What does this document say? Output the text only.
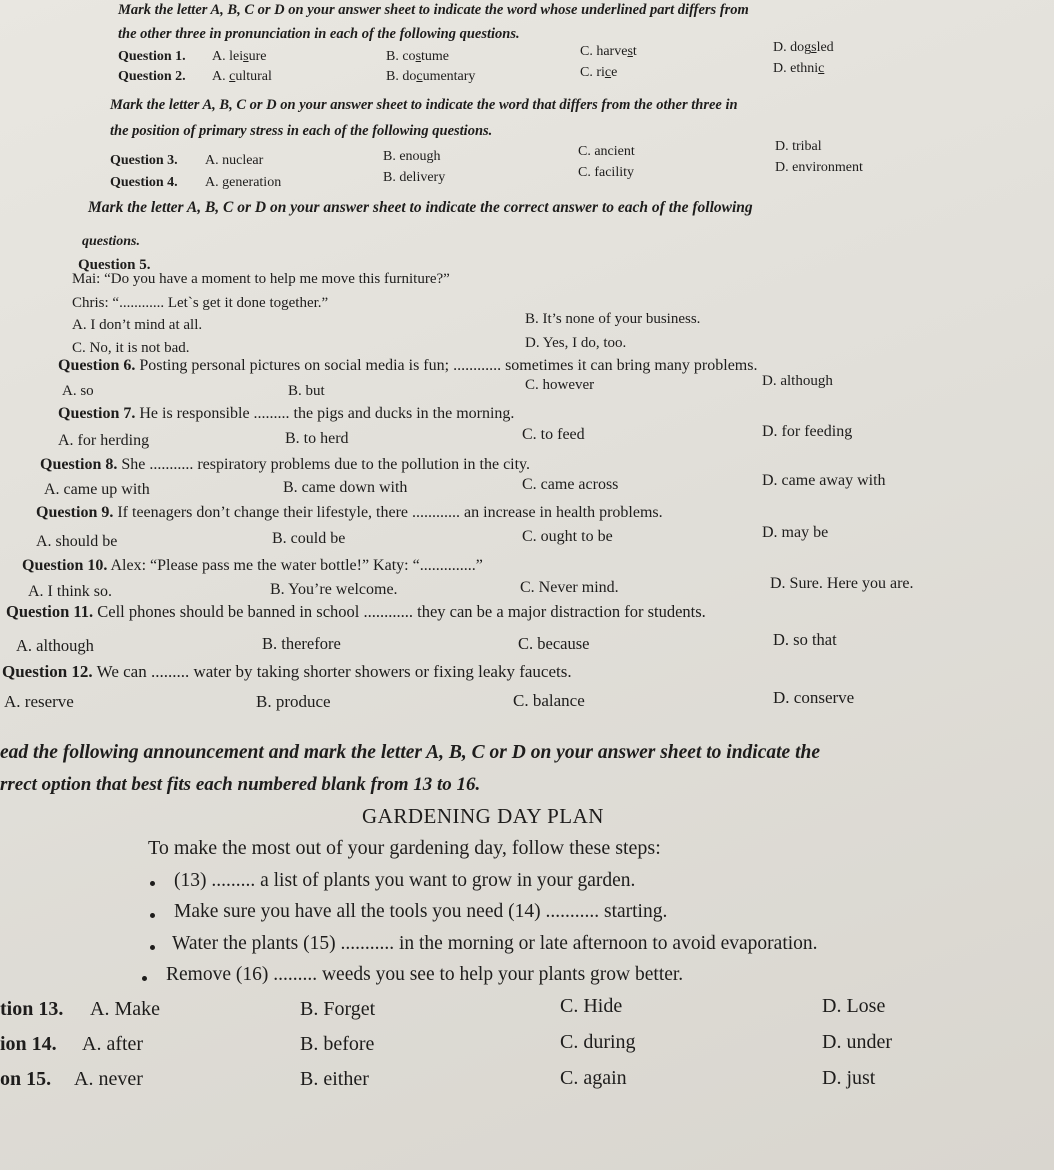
Mark the letter A, B, C or D on your answer sheet to indicate the word whose underlined part differs from
the other three in pronunciation in each of the following questions.
Question 1. A. leisure	B. costume	C. harvest	D. dogsled
Question 2. A. cultural	B. documentary	C. rice	D. ethnic
Mark the letter A, B, C or D on your answer sheet to indicate the word that differs from the other three in
the position of primary stress in each of the following questions.
Question 3. A. nuclear	B. enough	C. ancient	D. tribal
Question 4. A. generation	B. delivery	C. facility	D. environment
Mark the letter A, B, C or D on your answer sheet to indicate the correct answer to each of the following
questions.
Question 5.
Mai: “Do you have a moment to help me move this furniture?”
Chris: “............ Let`s get it done together.”
A. I don’t mind at all.	B. It’s none of your business.
C. No, it is not bad.	D. Yes, I do, too.
Question 6. Posting personal pictures on social media is fun; ............ sometimes it can bring many problems.
A. so	B. but	C. however	D. although
Question 7. He is responsible ......... the pigs and ducks in the morning.
A. for herding	B. to herd	C. to feed	D. for feeding
Question 8. She ........... respiratory problems due to the pollution in the city.
A. came up with	B. came down with	C. came across	D. came away with
Question 9. If teenagers don’t change their lifestyle, there ............ an increase in health problems.
A. should be	B. could be	C. ought to be	D. may be
Question 10. Alex: “Please pass me the water bottle!” Katy: “..............”
A. I think so.	B. You’re welcome.	C. Never mind.	D. Sure. Here you are.
Question 11. Cell phones should be banned in school ............ they can be a major distraction for students.
A. although	B. therefore	C. because	D. so that
Question 12. We can ......... water by taking shorter showers or fixing leaky faucets.
A. reserve	B. produce	C. balance	D. conserve
ead the following announcement and mark the letter A, B, C or D on your answer sheet to indicate the
rrect option that best fits each numbered blank from 13 to 16.
GARDENING DAY PLAN
To make the most out of your gardening day, follow these steps:
(13) ......... a list of plants you want to grow in your garden.
Make sure you have all the tools you need (14) ........... starting.
Water the plants (15) ........... in the morning or late afternoon to avoid evaporation.
Remove (16) ......... weeds you see to help your plants grow better.
tion 13. A. Make	B. Forget	C. Hide	D. Lose
ion 14. A. after	B. before	C. during	D. under
on 15. A. never	B. either	C. again	D. just
